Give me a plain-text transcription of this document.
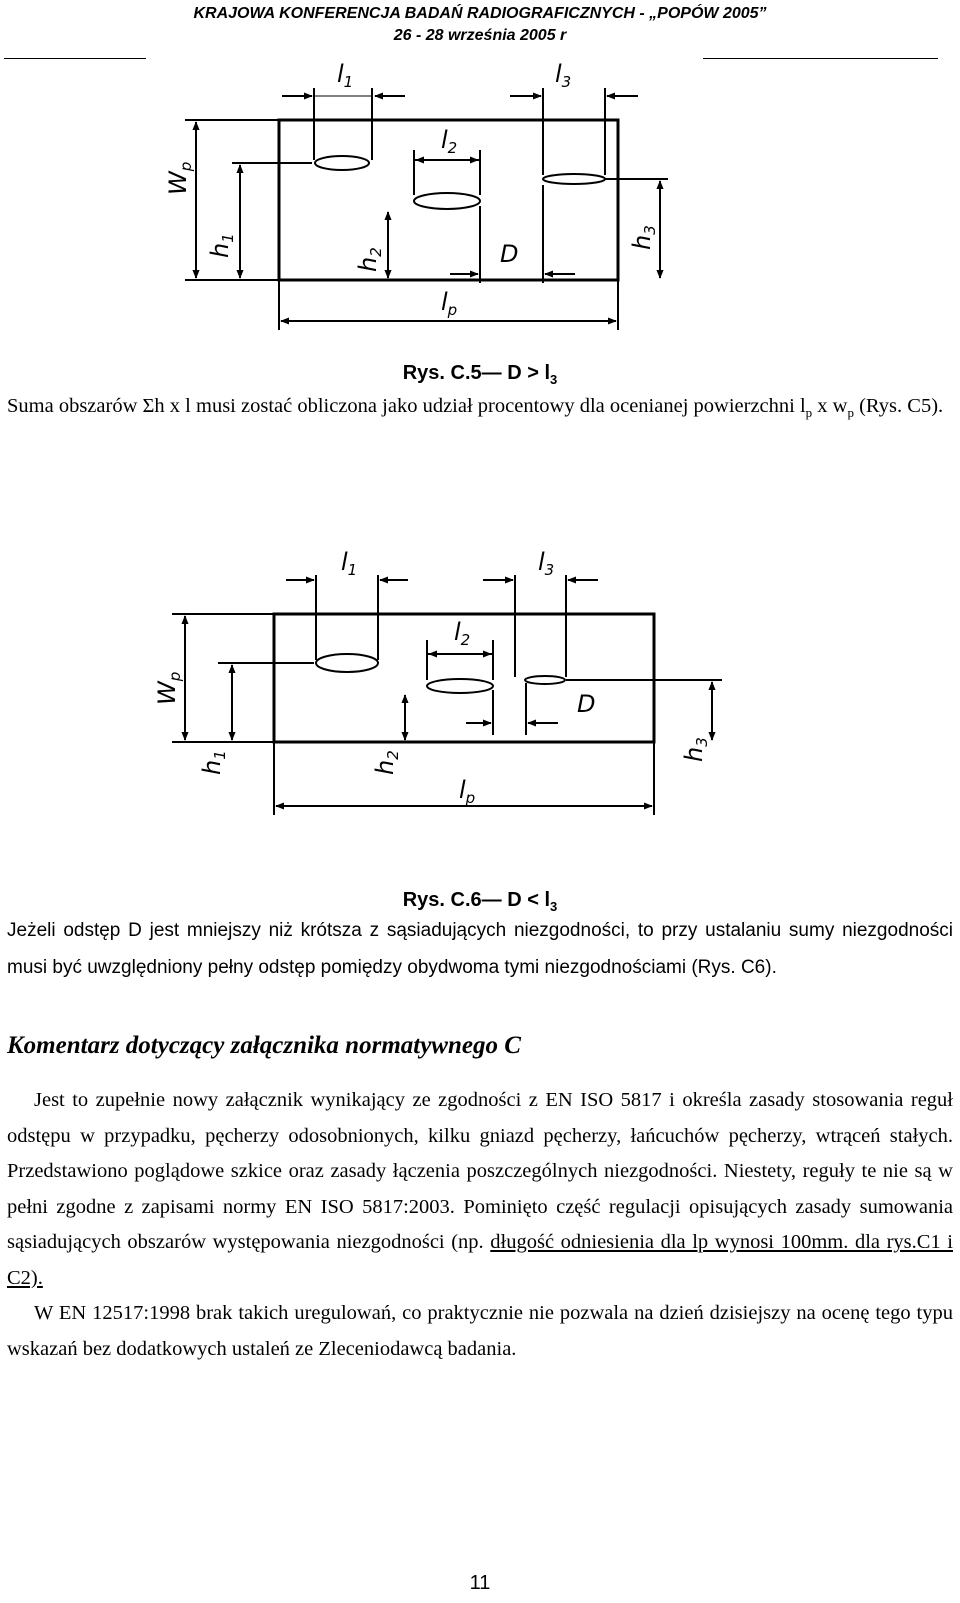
KRAJOWA KONFERENCJA BADAŃ RADIOGRAFICZNYCH - „POPÓW 2005”
26 - 28 września 2005 r
$l_1$	$l_3$
$l_2$
D
$l_p$
$W_p$
$h_1$
$h_2$
$h_3$
Rys. C.5— $D > l_3$
Suma obszarów Σh x l musi zostać obliczona jako udział procentowy dla ocenianej powierzchni $l_p$ x $w_p$ (Rys. C5).
$l_1$	$l_3$
$l_2$
D
$l_p$
$W_p$
$h_1$
$h_2$	$h_3$
Rys. C.6— $D < l_3$
Jeżeli odstęp D jest mniejszy niż krótsza z sąsiadujących niezgodności, to przy ustalaniu sumy niezgodności musi być uwzględniony pełny odstęp pomiędzy obydwoma tymi niezgodnościami (Rys. C6).
Komentarz dotyczący załącznika normatywnego C

Jest to zupełnie nowy załącznik wynikający ze zgodności z EN ISO 5817 i określa zasady stosowania reguł odstępu w przypadku, pęcherzy odosobnionych, kilku gniazd pęcherzy, łańcuchów pęcherzy, wtrąceń stałych. Przedstawiono poglądowe szkice oraz zasady łączenia poszczególnych niezgodności. Niestety, reguły te nie są w pełni zgodne z zapisami normy EN ISO 5817:2003. Pominięto część regulacji opisujących zasady sumowania sąsiadujących obszarów występowania niezgodności (np. długość odniesienia dla lp wynosi 100mm. dla rys.C1 i C2).

W EN 12517:1998 brak takich uregulowań, co praktycznie nie pozwala na dzień dzisiejszy na ocenę tego typu wskazań bez dodatkowych ustaleń ze Zleceniodawcą badania.

11
